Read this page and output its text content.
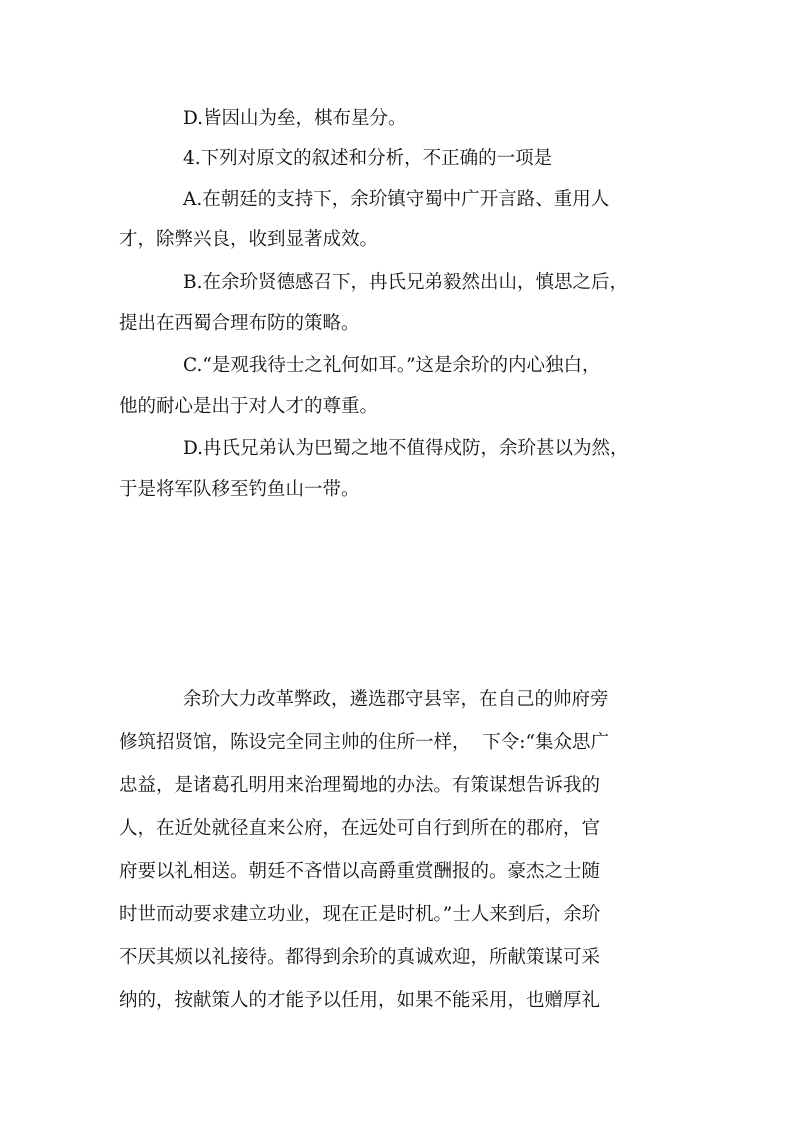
D.皆因山为垒，棋布星分。
4.下列对原文的叙述和分析，不正确的一项是
A.在朝廷的支持下，余玠镇守蜀中广开言路、重用人
才，除弊兴良，收到显著成效。
B.在余玠贤德感召下，冉氏兄弟毅然出山，慎思之后，
提出在西蜀合理布防的策略。
C.“是观我待士之礼何如耳。”这是余玠的内心独白，
他的耐心是出于对人才的尊重。
D.冉氏兄弟认为巴蜀之地不值得戍防，余玠甚以为然，
于是将军队移至钓鱼山一带。
余玠大力改革弊政，遴选郡守县宰，在自己的帅府旁
修筑招贤馆，陈设完全同主帅的住所一样，  下令:“集众思广
忠益，是诸葛孔明用来治理蜀地的办法。有策谋想告诉我的
人，在近处就径直来公府，在远处可自行到所在的郡府，官
府要以礼相送。朝廷不吝惜以高爵重赏酬报的。豪杰之士随
时世而动要求建立功业，现在正是时机。”士人来到后，余玠
不厌其烦以礼接待。都得到余玠的真诚欢迎，所献策谋可采
纳的，按献策人的才能予以任用，如果不能采用，也赠厚礼
